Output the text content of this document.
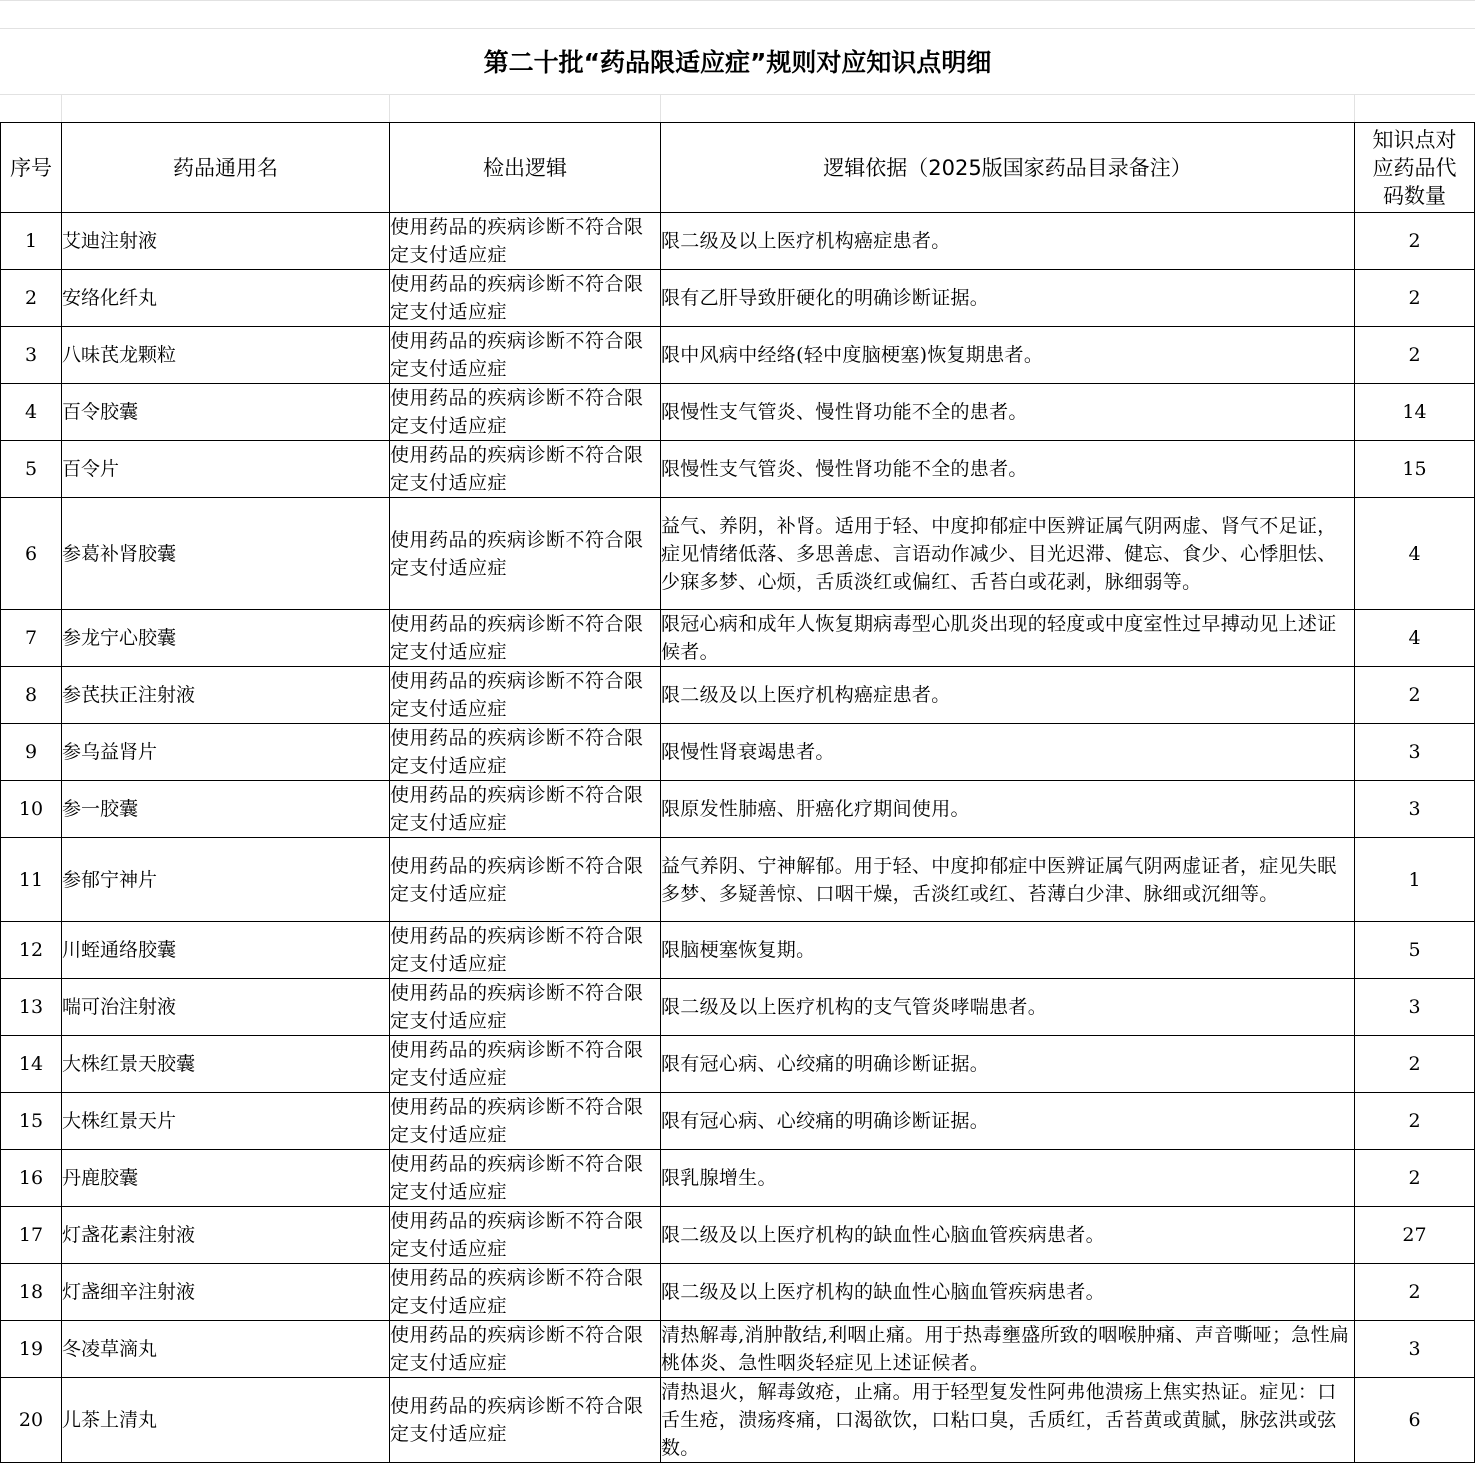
第二十批“药品限适应症”规则对应知识点明细
序号	药品通用名	检出逻辑	逻辑依据（2025版国家药品目录备注）	知识点对应药品代码数量
1	艾迪注射液	使用药品的疾病诊断不符合限定支付适应症	限二级及以上医疗机构癌症患者。	2
2	安络化纤丸	使用药品的疾病诊断不符合限定支付适应症	限有乙肝导致肝硬化的明确诊断证据。	2
3	八味芪龙颗粒	使用药品的疾病诊断不符合限定支付适应症	限中风病中经络(轻中度脑梗塞)恢复期患者。	2
4	百令胶囊	使用药品的疾病诊断不符合限定支付适应症	限慢性支气管炎、慢性肾功能不全的患者。	14
5	百令片	使用药品的疾病诊断不符合限定支付适应症	限慢性支气管炎、慢性肾功能不全的患者。	15
6	参葛补肾胶囊	使用药品的疾病诊断不符合限定支付适应症	益气、养阴，补肾。适用于轻、中度抑郁症中医辨证属气阴两虚、肾气不足证，症见情绪低落、多思善虑、言语动作减少、目光迟滞、健忘、食少、心悸胆怯、少寐多梦、心烦，舌质淡红或偏红、舌苔白或花剥，脉细弱等。	4
7	参龙宁心胶囊	使用药品的疾病诊断不符合限定支付适应症	限冠心病和成年人恢复期病毒型心肌炎出现的轻度或中度室性过早搏动见上述证候者。	4
8	参芪扶正注射液	使用药品的疾病诊断不符合限定支付适应症	限二级及以上医疗机构癌症患者。	2
9	参乌益肾片	使用药品的疾病诊断不符合限定支付适应症	限慢性肾衰竭患者。	3
10	参一胶囊	使用药品的疾病诊断不符合限定支付适应症	限原发性肺癌、肝癌化疗期间使用。	3
11	参郁宁神片	使用药品的疾病诊断不符合限定支付适应症	益气养阴、宁神解郁。用于轻、中度抑郁症中医辨证属气阴两虚证者，症见失眠多梦、多疑善惊、口咽干燥，舌淡红或红、苔薄白少津、脉细或沉细等。	1
12	川蛭通络胶囊	使用药品的疾病诊断不符合限定支付适应症	限脑梗塞恢复期。	5
13	喘可治注射液	使用药品的疾病诊断不符合限定支付适应症	限二级及以上医疗机构的支气管炎哮喘患者。	3
14	大株红景天胶囊	使用药品的疾病诊断不符合限定支付适应症	限有冠心病、心绞痛的明确诊断证据。	2
15	大株红景天片	使用药品的疾病诊断不符合限定支付适应症	限有冠心病、心绞痛的明确诊断证据。	2
16	丹鹿胶囊	使用药品的疾病诊断不符合限定支付适应症	限乳腺增生。	2
17	灯盏花素注射液	使用药品的疾病诊断不符合限定支付适应症	限二级及以上医疗机构的缺血性心脑血管疾病患者。	27
18	灯盏细辛注射液	使用药品的疾病诊断不符合限定支付适应症	限二级及以上医疗机构的缺血性心脑血管疾病患者。	2
19	冬凌草滴丸	使用药品的疾病诊断不符合限定支付适应症	清热解毒,消肿散结,利咽止痛。用于热毒壅盛所致的咽喉肿痛、声音嘶哑；急性扁桃体炎、急性咽炎轻症见上述证候者。	3
20	儿茶上清丸	使用药品的疾病诊断不符合限定支付适应症	清热退火，解毒敛疮，止痛。用于轻型复发性阿弗他溃疡上焦实热证。症见：口舌生疮，溃疡疼痛，口渴欲饮，口粘口臭，舌质红，舌苔黄或黄腻，脉弦洪或弦数。	6
